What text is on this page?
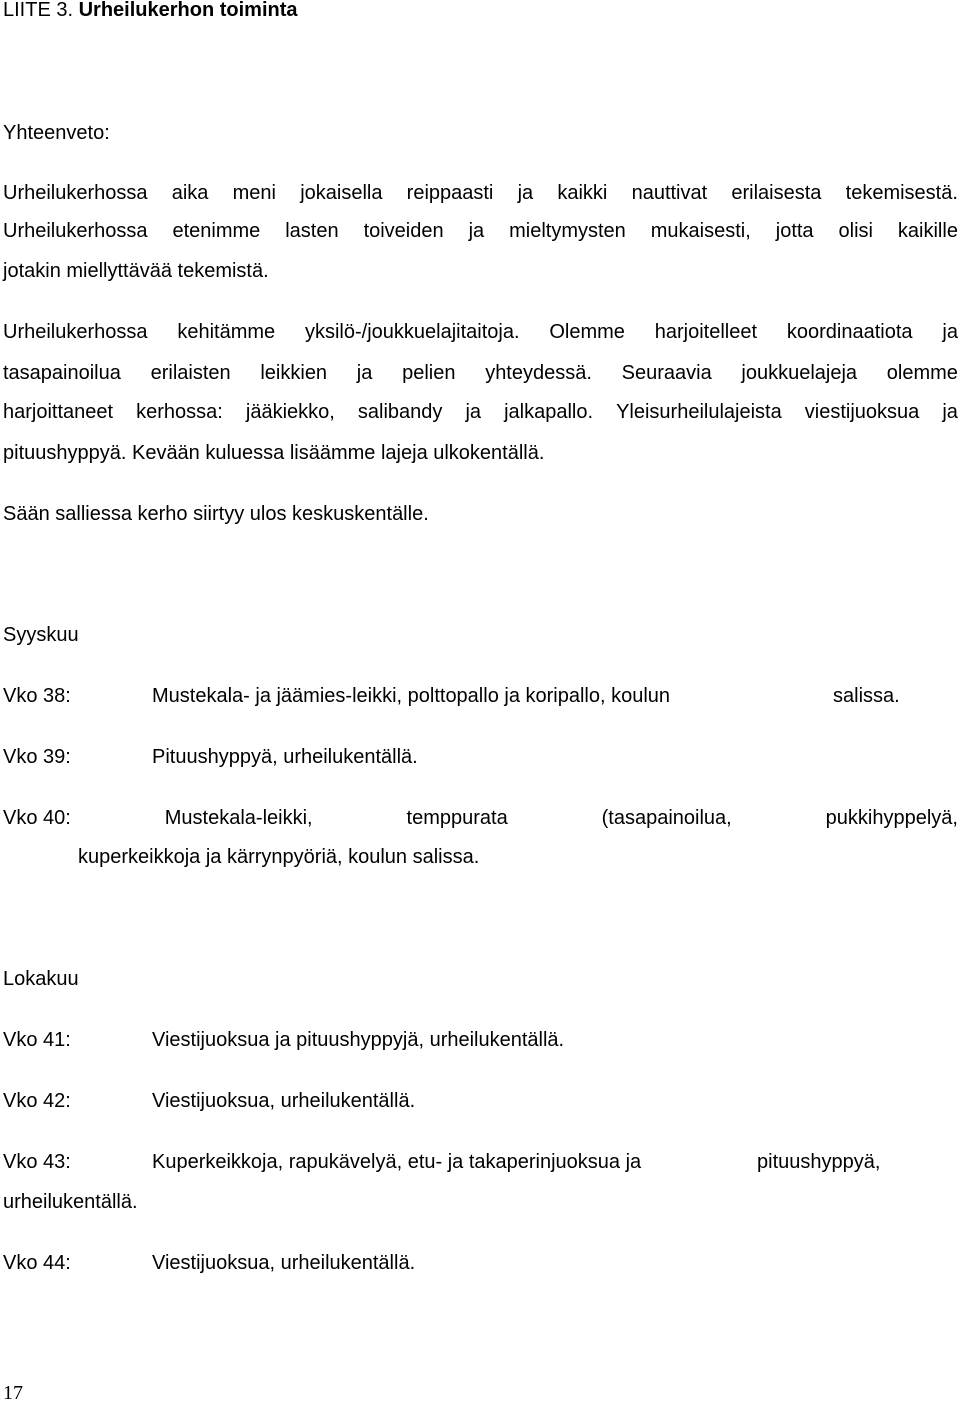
LIITE 3. Urheilukerhon toiminta
Yhteenveto:
Urheilukerhossa aika meni jokaisella reippaasti ja kaikki nauttivat erilaisesta tekemisestä.
Urheilukerhossa etenimme lasten toiveiden ja mieltymysten mukaisesti, jotta olisi kaikille
jotakin miellyttävää tekemistä.
Urheilukerhossa kehitämme yksilö-/joukkuelajitaitoja. Olemme harjoitelleet koordinaatiota ja
tasapainoilua erilaisten leikkien ja pelien yhteydessä. Seuraavia joukkuelajeja olemme
harjoittaneet kerhossa: jääkiekko, salibandy ja jalkapallo. Yleisurheilulajeista viestijuoksua ja
pituushyppyä. Kevään kuluessa lisäämme lajeja ulkokentällä.
Sään salliessa kerho siirtyy ulos keskuskentälle.
Syyskuu
Vko 38:	Mustekala- ja jäämies-leikki, polttopallo ja koripallo, koulun	salissa.
Vko 39:	Pituushyppyä, urheilukentällä.
Vko 40:	Mustekala-leikki,	temppurata	(tasapainoilua,	pukkihyppelyä,
kuperkeikkoja ja kärrynpyöriä, koulun salissa.
Lokakuu
Vko 41:	Viestijuoksua ja pituushyppyjä, urheilukentällä.
Vko 42:	Viestijuoksua, urheilukentällä.
Vko 43:	Kuperkeikkoja, rapukävelyä, etu- ja takaperinjuoksua ja	pituushyppyä,
urheilukentällä.
Vko 44:	Viestijuoksua, urheilukentällä.
17
